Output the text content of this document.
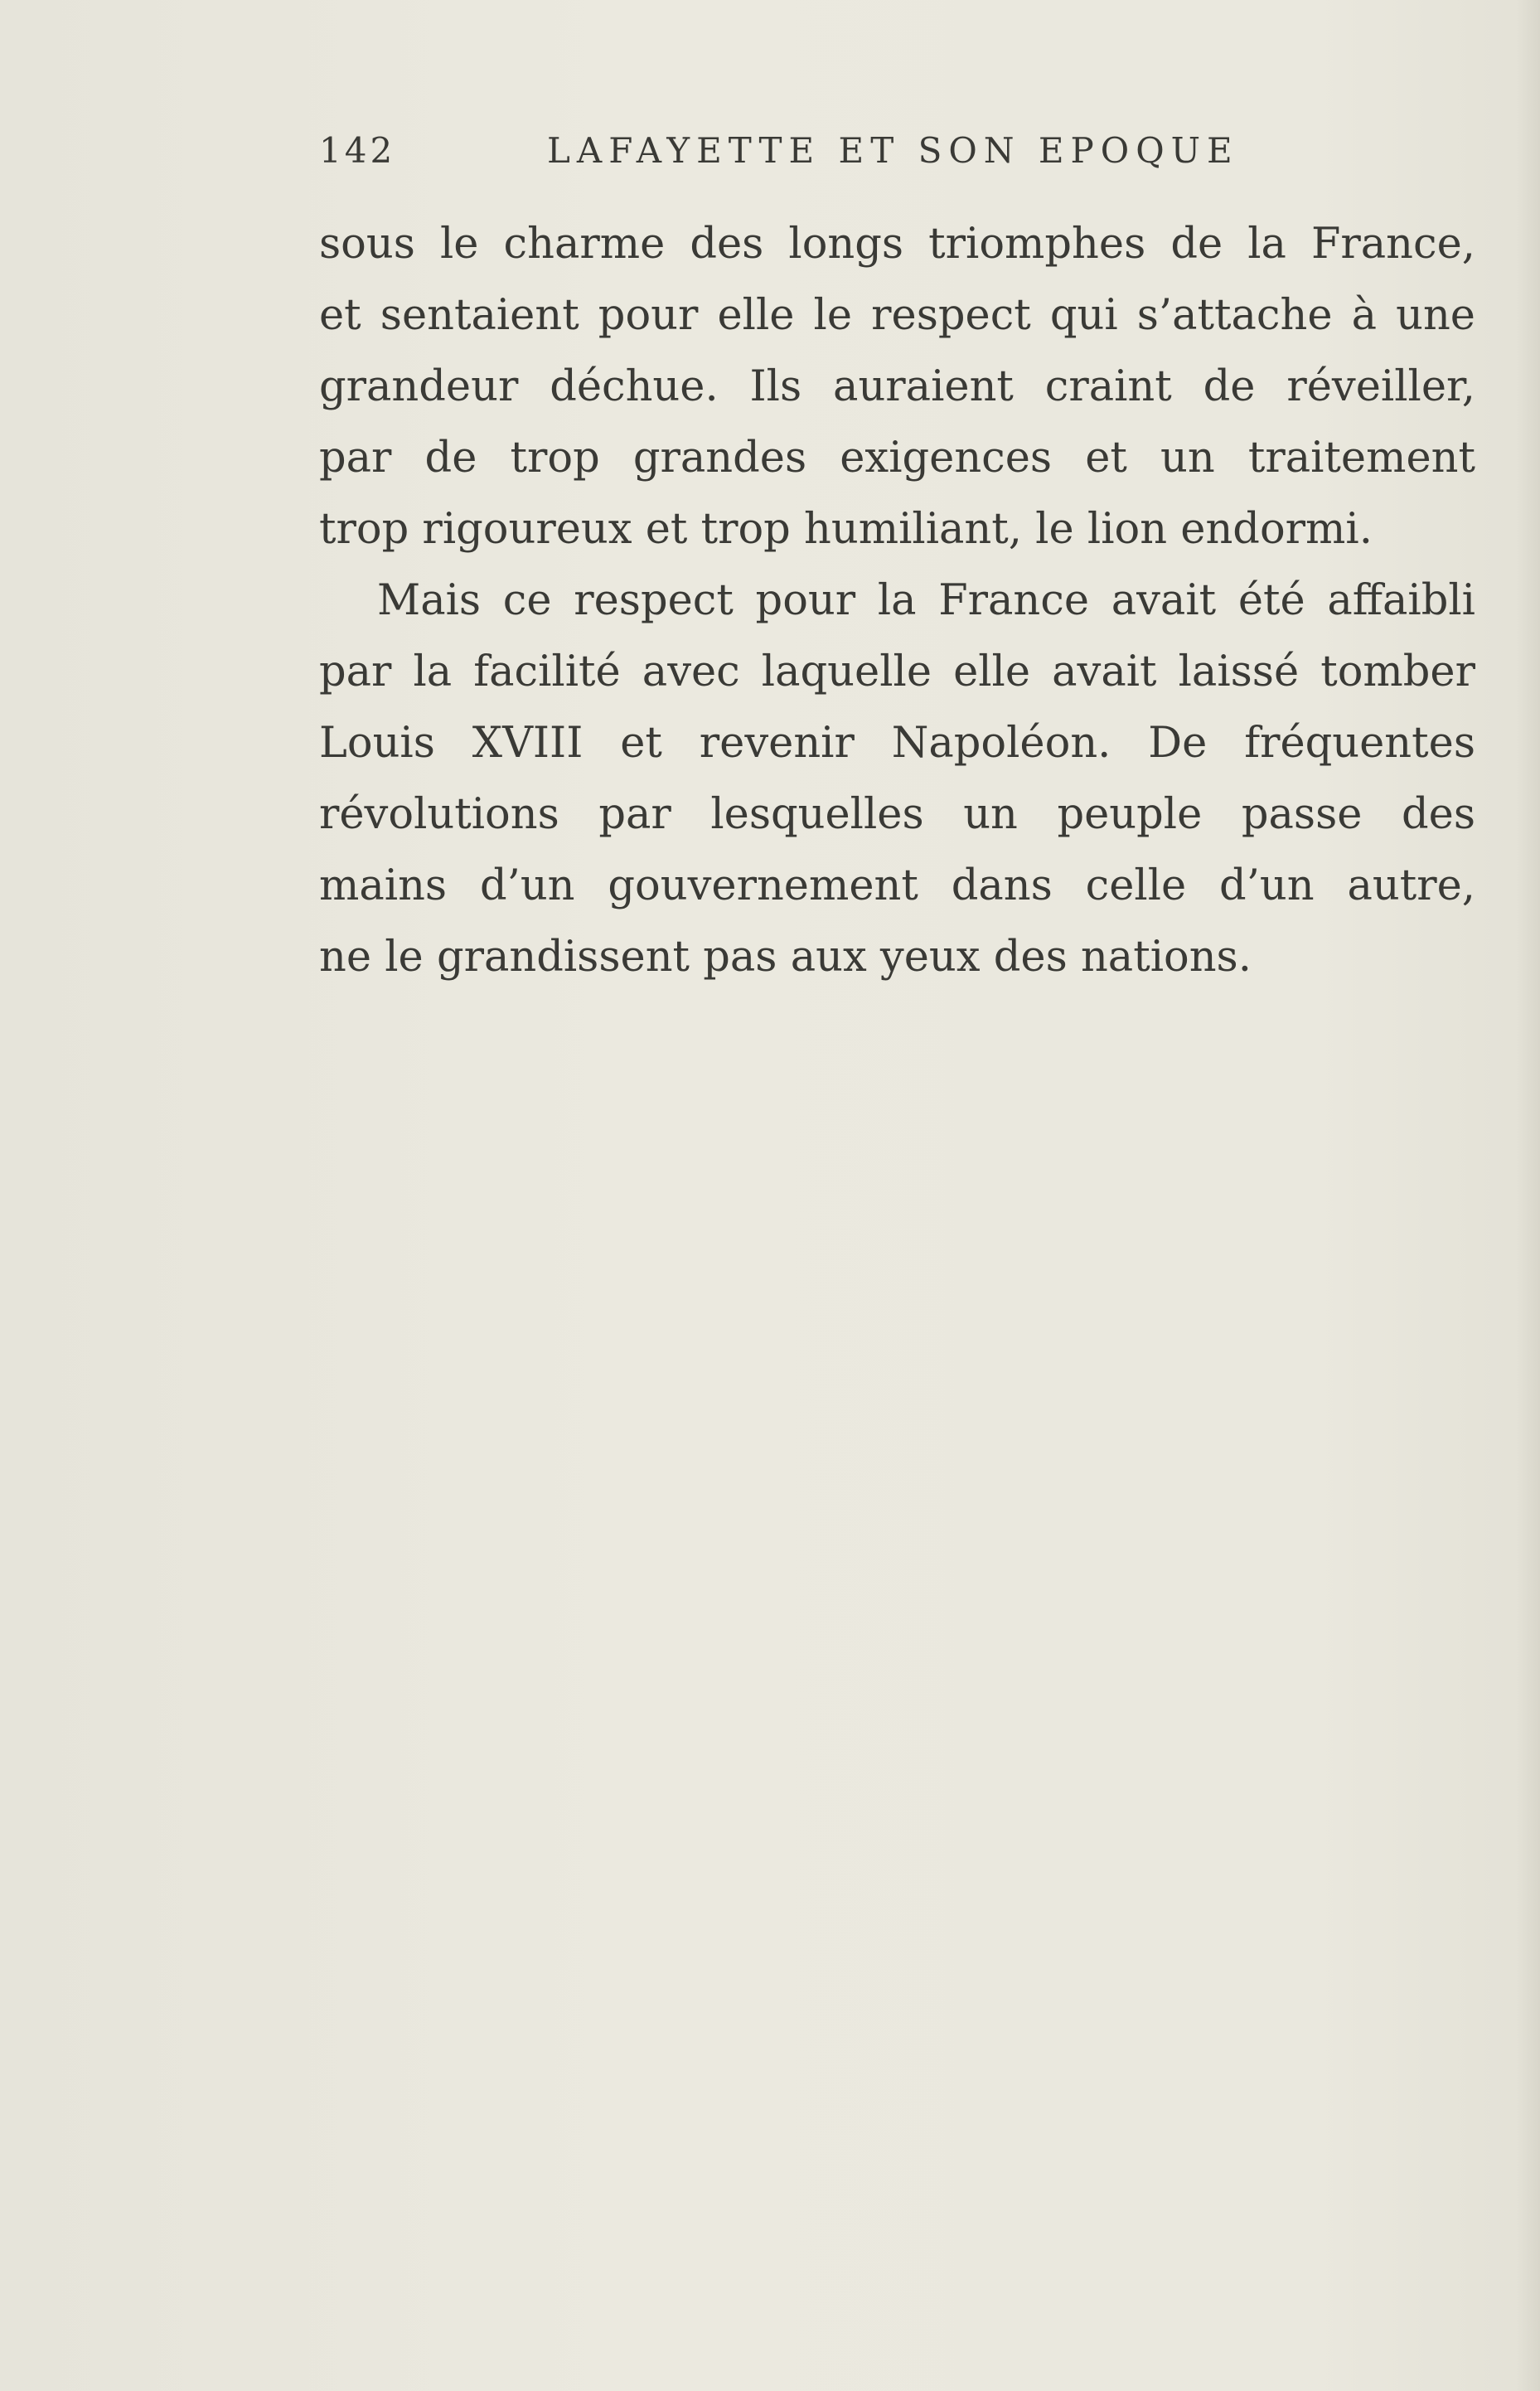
142	LAFAYETTE ET SON EPOQUE
sous le charme des longs triomphes de la France,
et sentaient pour elle le respect qui s’attache à une
grandeur déchue. Ils auraient craint de réveiller,
par de trop grandes exigences et un traitement
trop rigoureux et trop humiliant, le lion endormi.
Mais ce respect pour la France avait été affaibli
par la facilité avec laquelle elle avait laissé tomber
Louis XVIII et revenir Napoléon. De fréquentes
révolutions par lesquelles un peuple passe des
mains d’un gouvernement dans celle d’un autre,
ne le grandissent pas aux yeux des nations.
